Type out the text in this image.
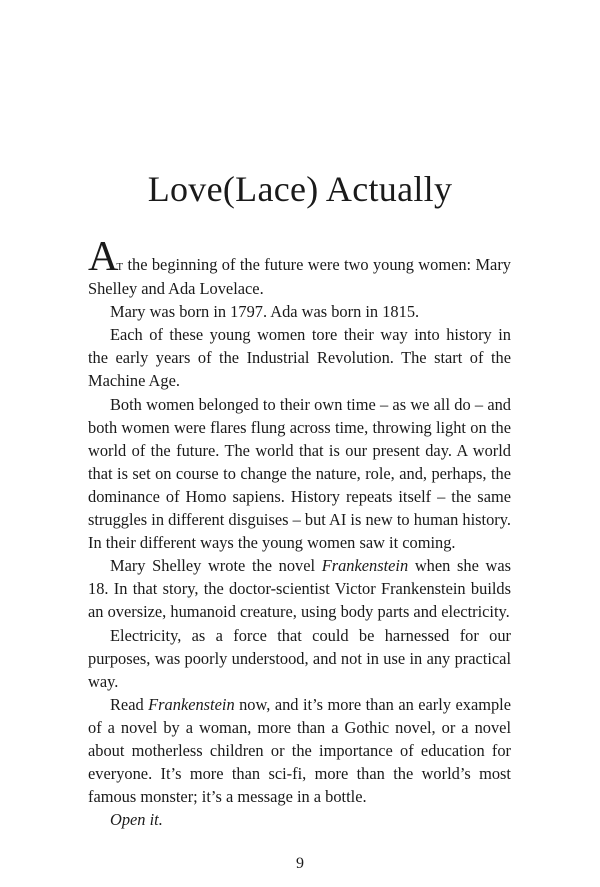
Love(Lace) Actually

At the beginning of the future were two young women: Mary Shelley and Ada Lovelace.

Mary was born in 1797. Ada was born in 1815.

Each of these young women tore their way into history in the early years of the Industrial Revolution. The start of the Machine Age.

Both women belonged to their own time – as we all do – and both women were flares flung across time, throwing light on the world of the future. The world that is our present day. A world that is set on course to change the nature, role, and, perhaps, the dominance of Homo sapiens. History repeats itself – the same struggles in different disguises – but AI is new to human history. In their different ways the young women saw it coming.

Mary Shelley wrote the novel Frankenstein when she was 18. In that story, the doctor-scientist Victor Frankenstein builds an oversize, humanoid creature, using body parts and electricity.

Electricity, as a force that could be harnessed for our purposes, was poorly understood, and not in use in any practical way.

Read Frankenstein now, and it’s more than an early example of a novel by a woman, more than a Gothic novel, or a novel about motherless children or the importance of education for everyone. It’s more than sci-fi, more than the world’s most famous monster; it’s a message in a bottle.

Open it.

9
